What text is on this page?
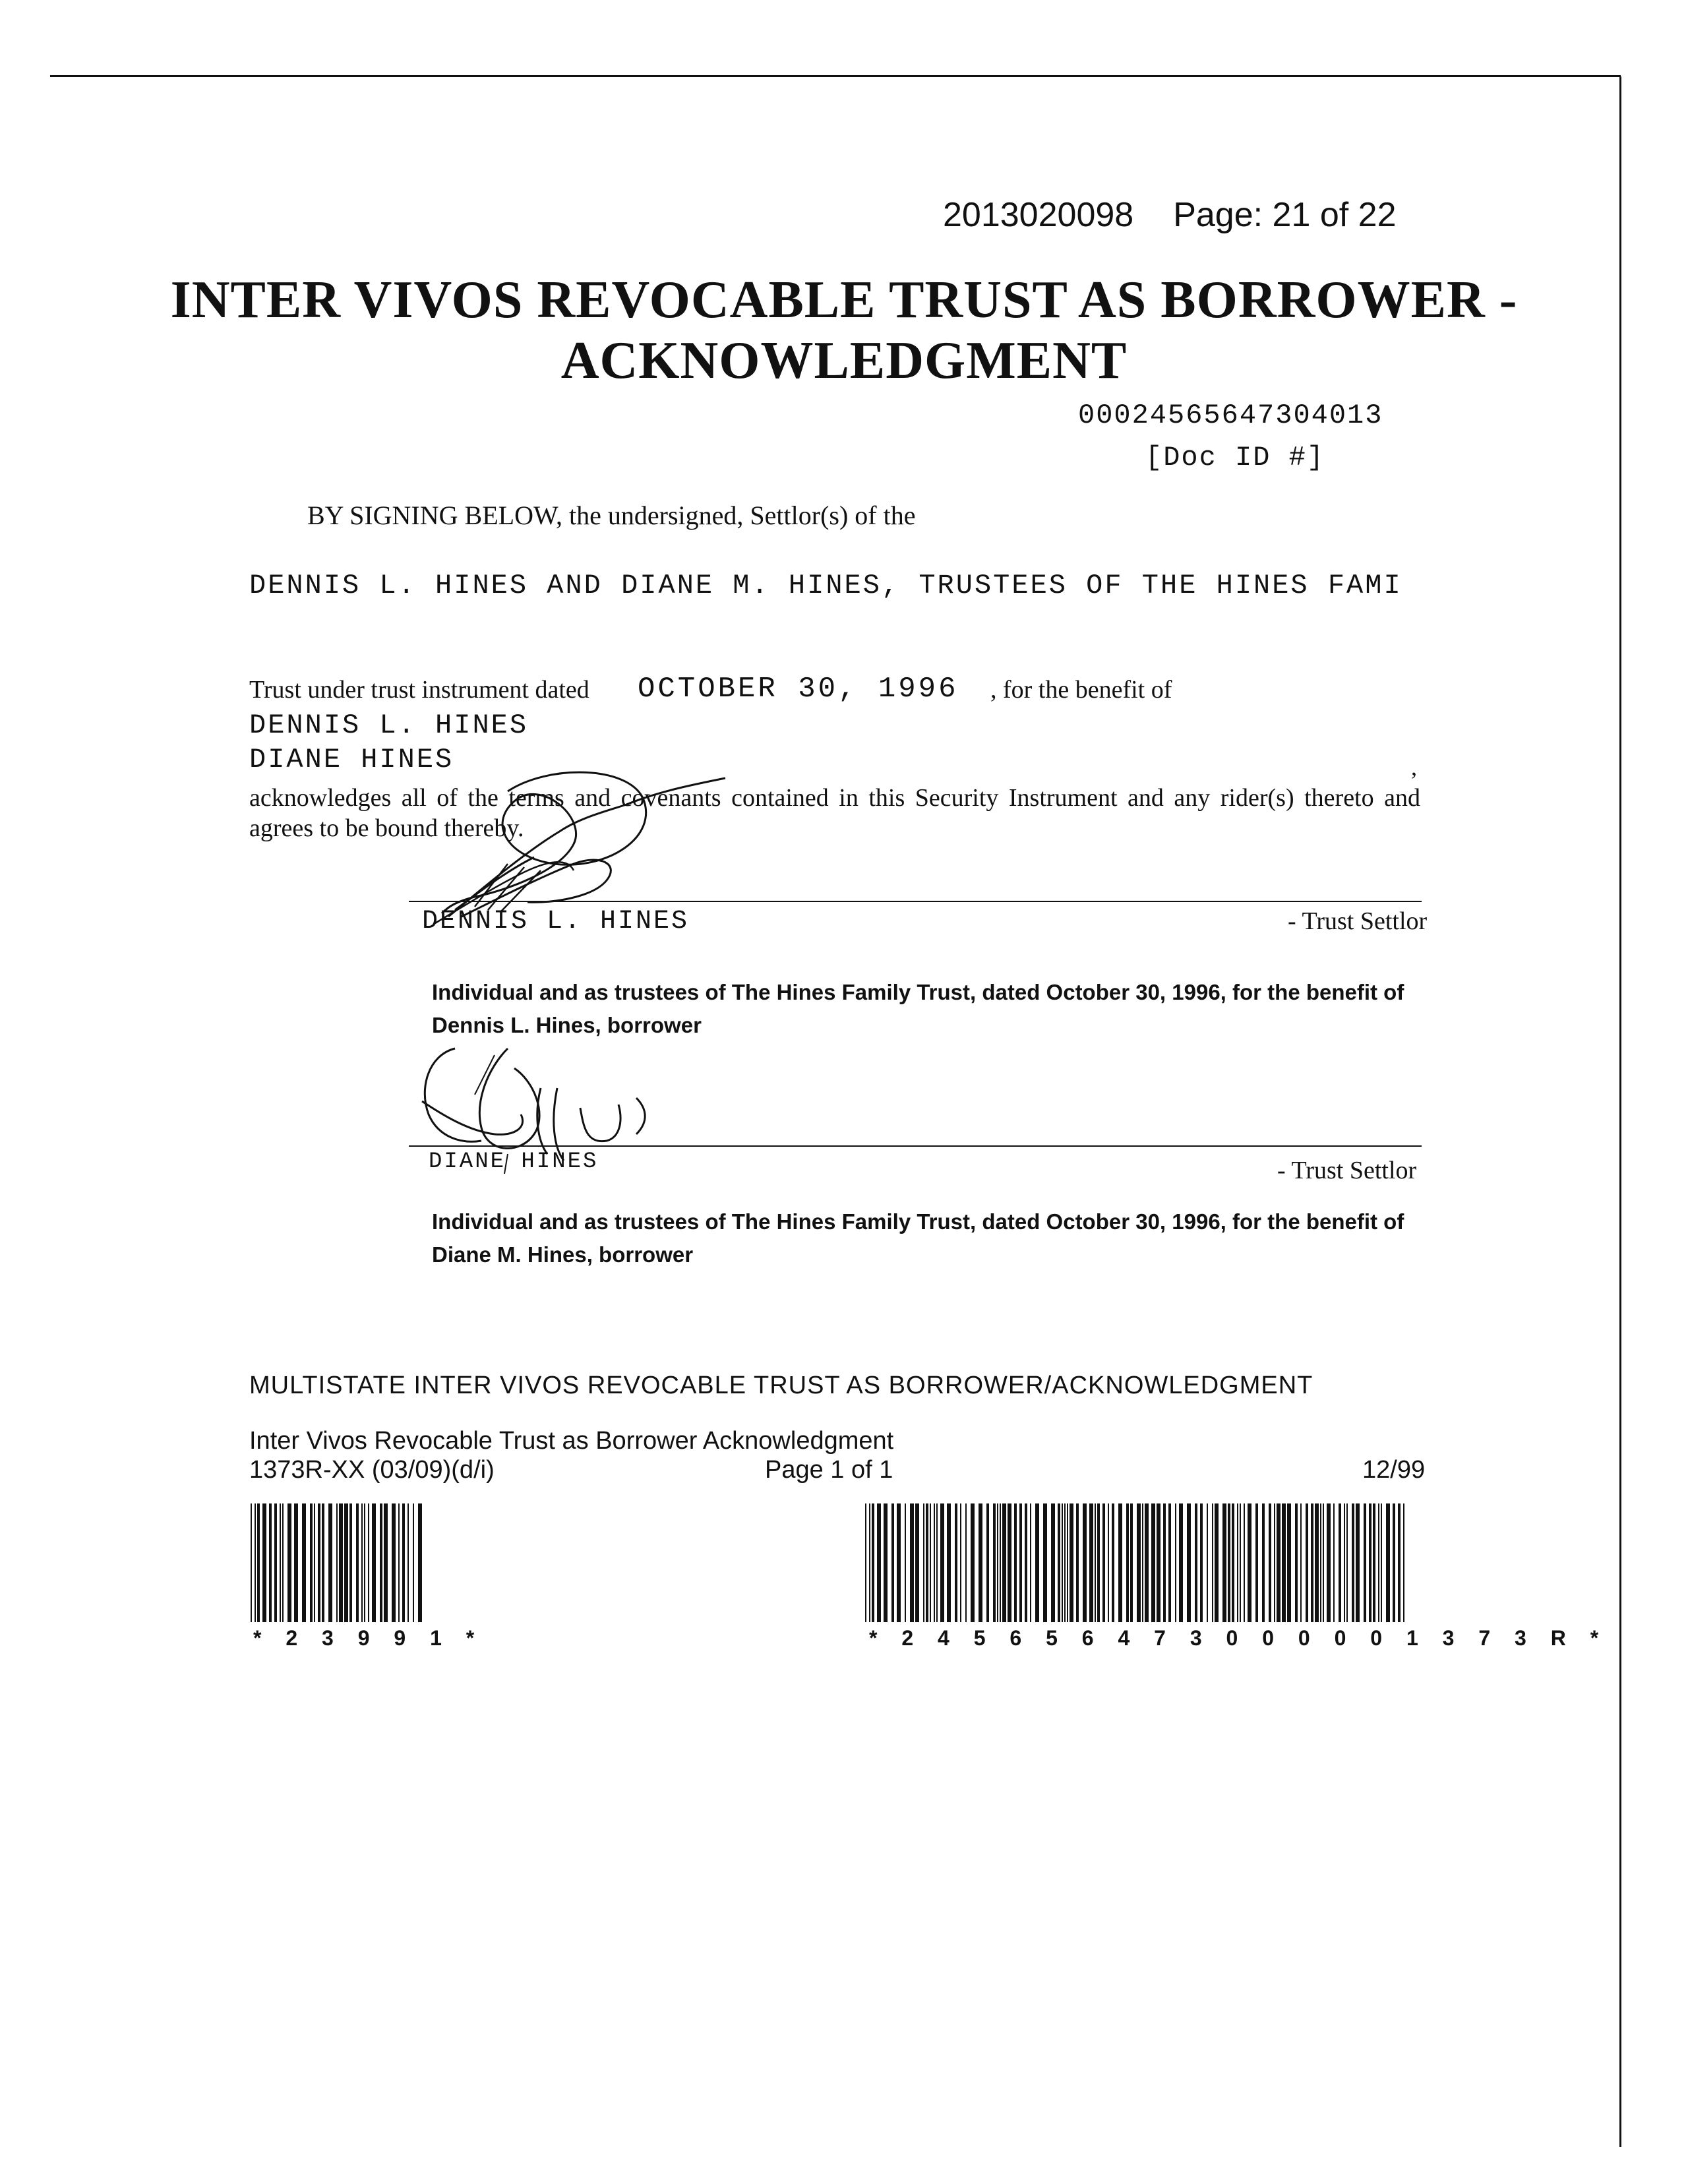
2013020098 Page: 21 of 22
INTER VIVOS REVOCABLE TRUST AS BORROWER -
ACKNOWLEDGMENT
00024565647304013
[Doc ID #]
BY SIGNING BELOW, the undersigned, Settlor(s) of the
DENNIS L. HINES AND DIANE M. HINES, TRUSTEES OF THE HINES FAMI
Trust under trust instrument dated OCTOBER 30, 1996 , for the benefit of
DENNIS L. HINES
DIANE HINES	,
acknowledges all of the terms and covenants contained in this Security Instrument and any rider(s) thereto and
agrees to be bound thereby.
DENNIS L. HINES	- Trust Settlor
Individual and as trustees of The Hines Family Trust, dated October 30, 1996, for the benefit of Dennis L. Hines, borrower
DIANE HINES	- Trust Settlor
Individual and as trustees of The Hines Family Trust, dated October 30, 1996, for the benefit of Diane M. Hines, borrower
MULTISTATE INTER VIVOS REVOCABLE TRUST AS BORROWER/ACKNOWLEDGMENT
Inter Vivos Revocable Trust as Borrower Acknowledgment
1373R-XX (03/09)(d/i)	Page 1 of 1	12/99
* 2 3 9 9 1 *	* 2 4 5 6 5 6 4 7 3 0 0 0 0 0 1 3 7 3 R *
